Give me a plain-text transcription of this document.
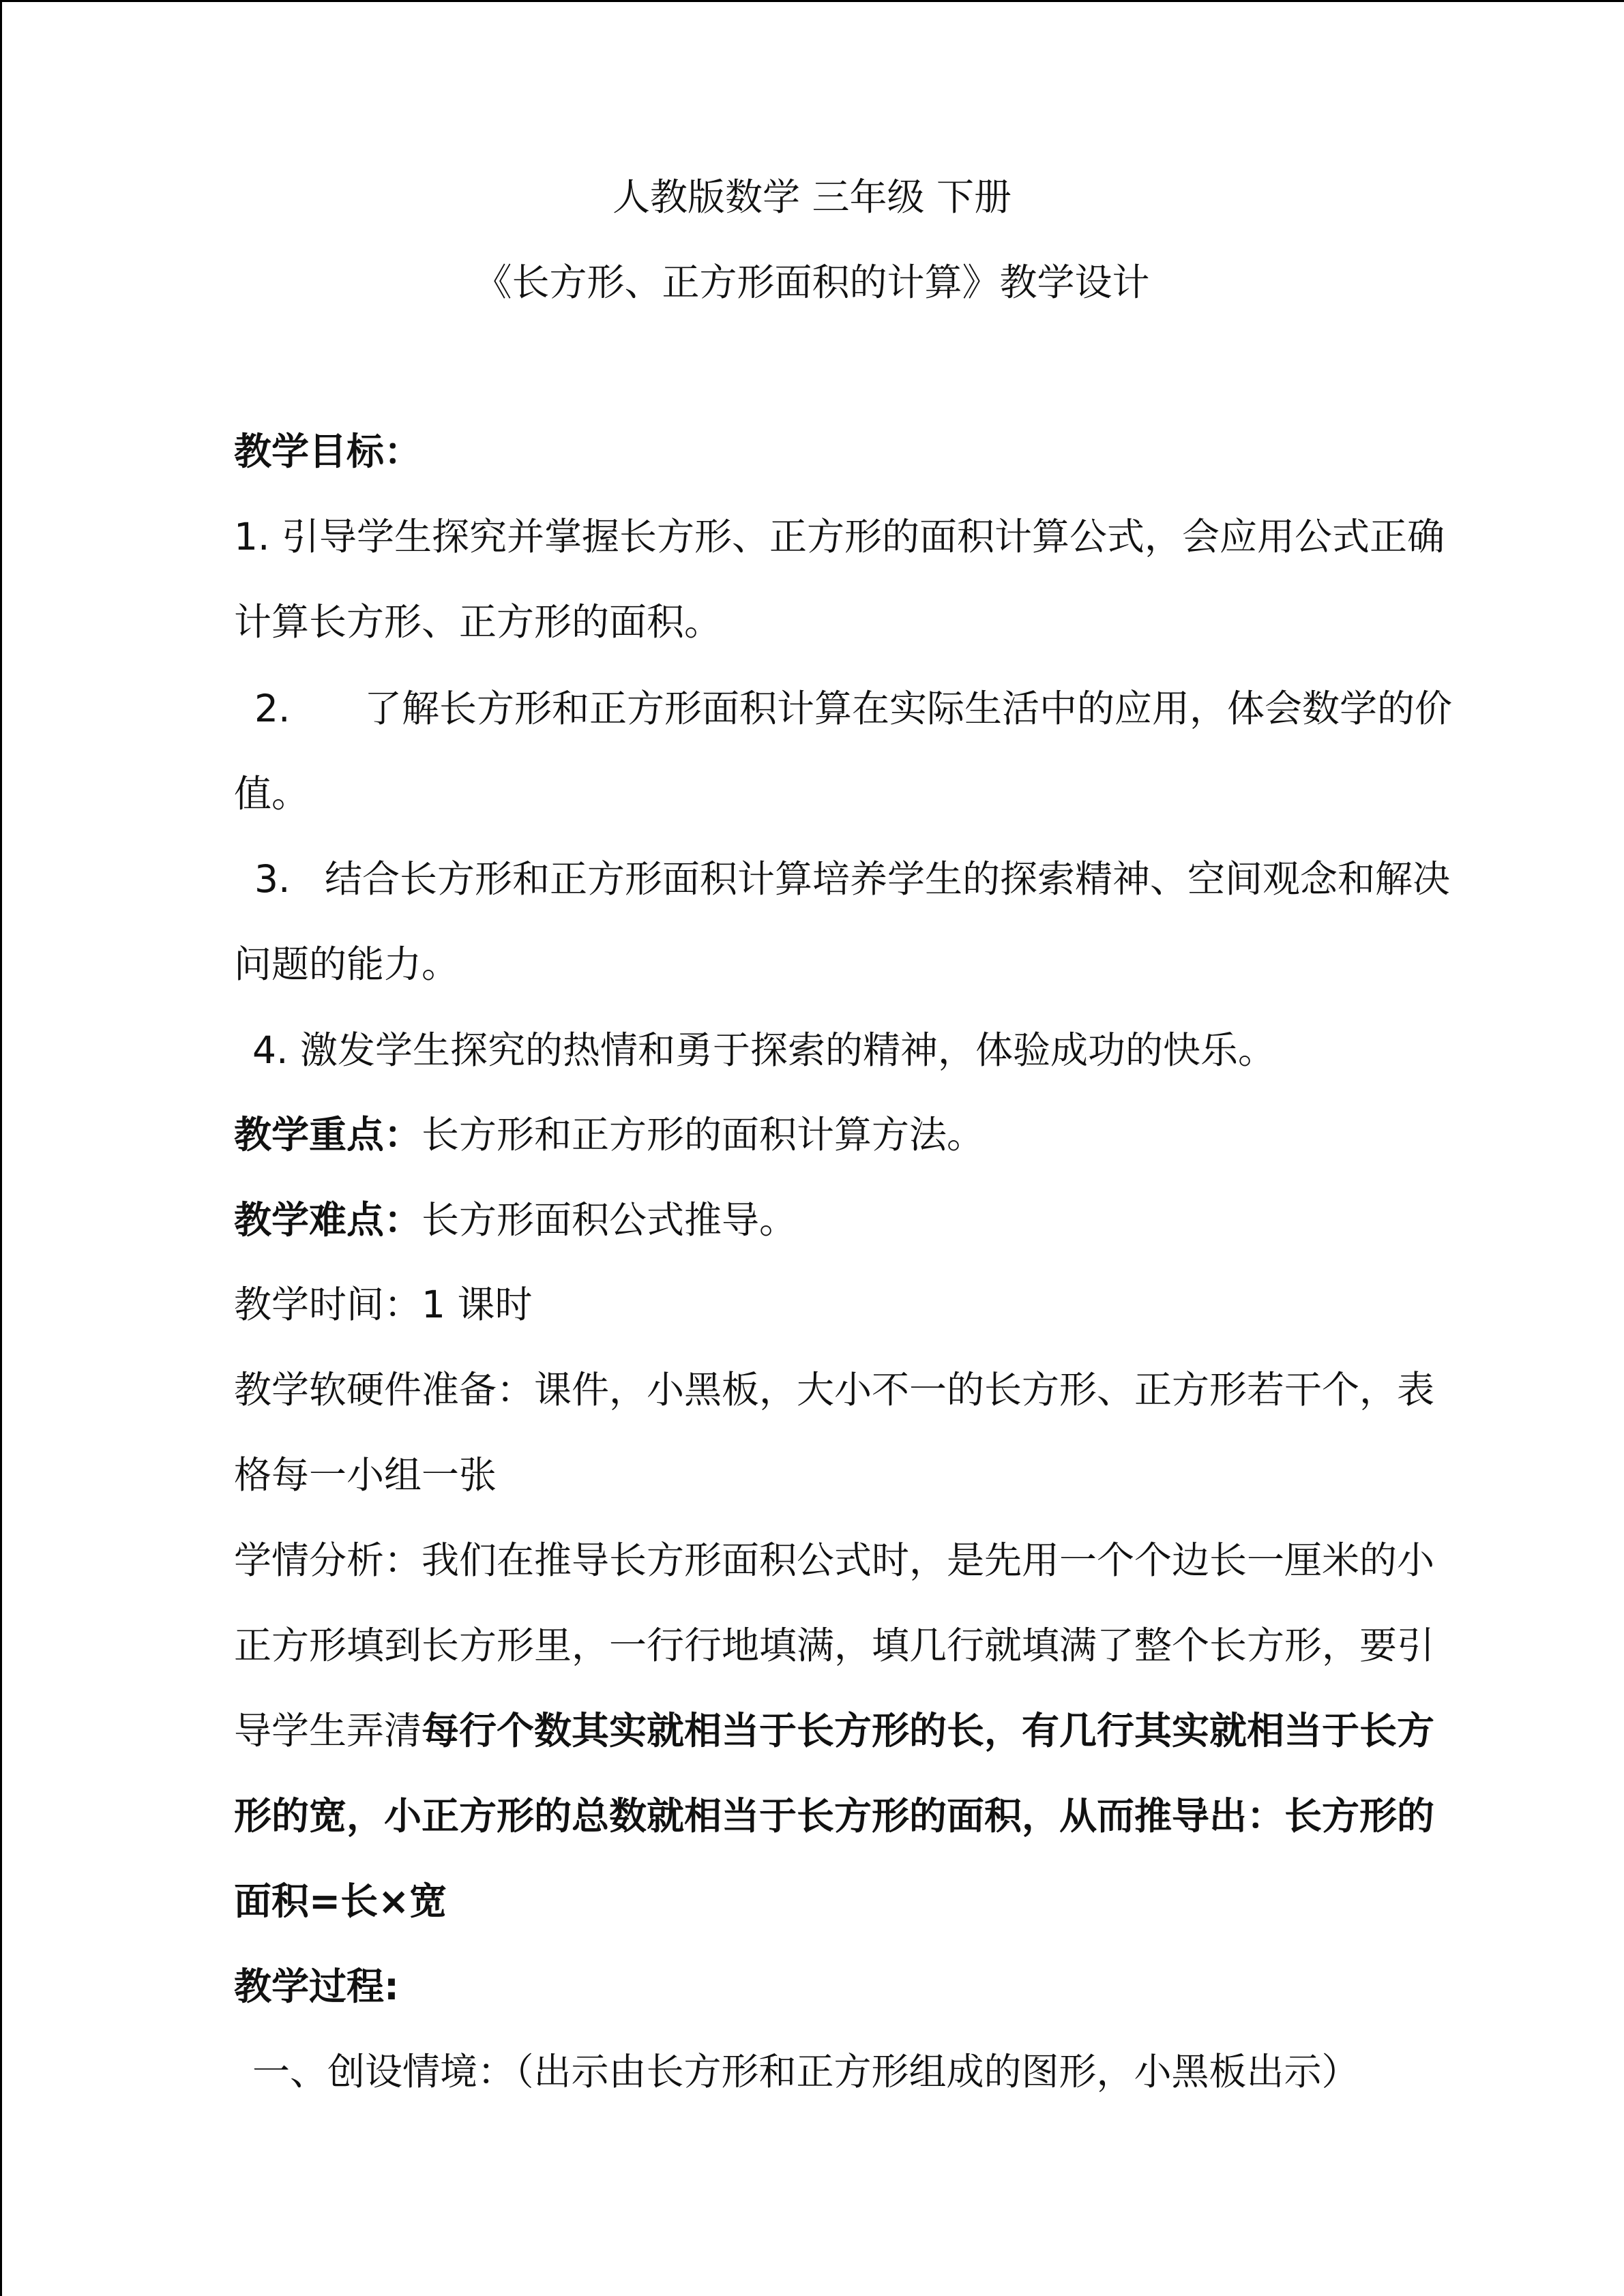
人教版数学 三年级 下册
《长方形、正方形面积的计算》教学设计
教学目标：
1. 引导学生探究并掌握长方形、正方形的面积计算公式，会应用公式正确
计算长方形、正方形的面积。
2. 了解长方形和正方形面积计算在实际生活中的应用，体会数学的价
值。
3. 结合长方形和正方形面积计算培养学生的探索精神、空间观念和解决
问题的能力。
4. 激发学生探究的热情和勇于探索的精神，体验成功的快乐。
教学重点：长方形和正方形的面积计算方法。
教学难点：长方形面积公式推导。
教学时间：1 课时
教学软硬件准备：课件，小黑板，大小不一的长方形、正方形若干个，表
格每一小组一张
学情分析：我们在推导长方形面积公式时，是先用一个个边长一厘米的小
正方形填到长方形里，一行行地填满，填几行就填满了整个长方形，要引
导学生弄清每行个数其实就相当于长方形的长，有几行其实就相当于长方
形的宽，小正方形的总数就相当于长方形的面积，从而推导出：长方形的
面积=长×宽
教学过程:
一、创设情境：（出示由长方形和正方形组成的图形，小黑板出示）
